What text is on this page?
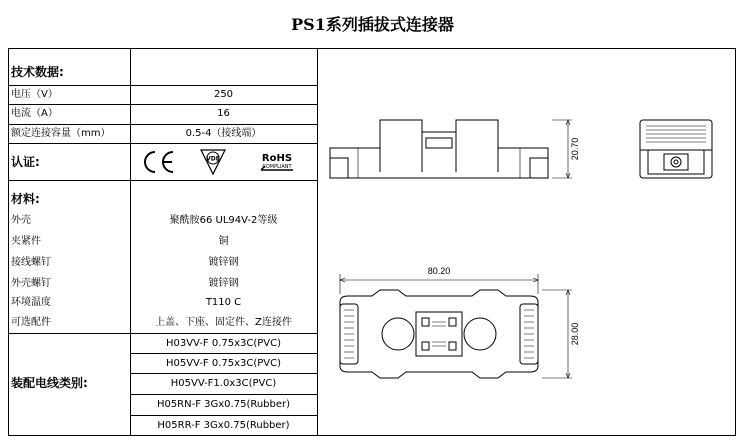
PS1系列插拔式连接器
技术数据:
电压（V）	250
电流（A）	16
额定连接容量（mm）	0.5-4（接线端）
认证:
CE
VDE	RoHS
COMPLIANT
材料:
外壳	聚酰胺66 UL94V-2等级
夹紧件	铜
接线螺钉	镀锌钢
外壳螺钉	镀锌钢
环境温度	T110 C
可选配件	上盖、下座、固定件、Z连接件
装配电线类别:
H03VV-F 0.75x3C(PVC)
H05VV-F 0.75x3C(PVC)
H05VV-F1.0x3C(PVC)
H05RN-F 3Gx0.75(Rubber)
H05RR-F 3Gx0.75(Rubber)
20.70
80.20
28.00
